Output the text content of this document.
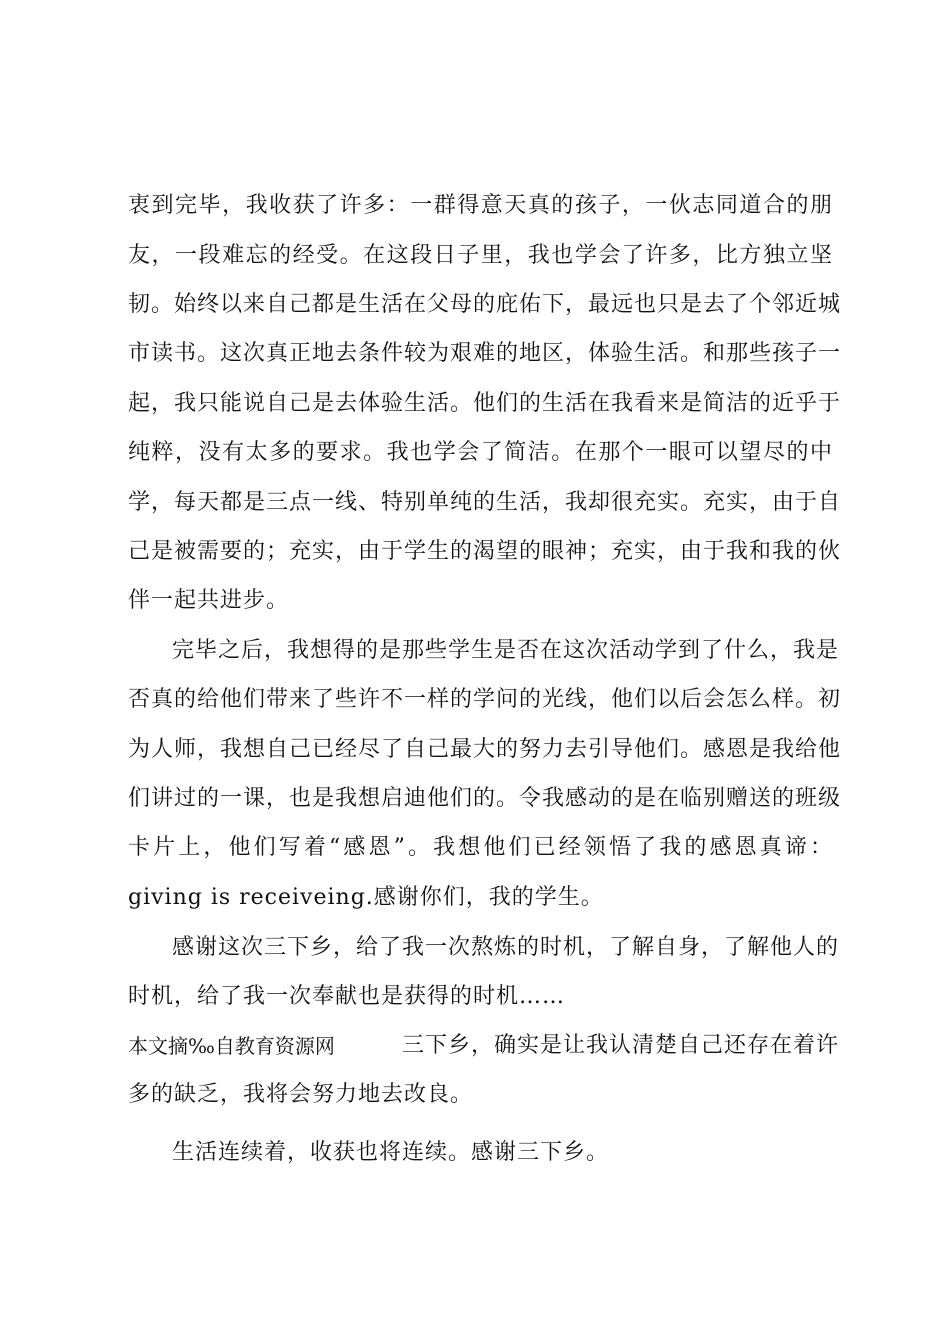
衷到完毕，我收获了许多：一群得意天真的孩子，一伙志同道合的朋
友，一段难忘的经受。在这段日子里，我也学会了许多，比方独立坚
韧。始终以来自己都是生活在父母的庇佑下，最远也只是去了个邻近城
市读书。这次真正地去条件较为艰难的地区，体验生活。和那些孩子一
起，我只能说自己是去体验生活。他们的生活在我看来是简洁的近乎于
纯粹，没有太多的要求。我也学会了简洁。在那个一眼可以望尽的中
学，每天都是三点一线、特别单纯的生活，我却很充实。充实，由于自
己是被需要的；充实，由于学生的渴望的眼神；充实，由于我和我的伙
伴一起共进步。
完毕之后，我想得的是那些学生是否在这次活动学到了什么，我是
否真的给他们带来了些许不一样的学问的光线，他们以后会怎么样。初
为人师，我想自己已经尽了自己最大的努力去引导他们。感恩是我给他
们讲过的一课，也是我想启迪他们的。令我感动的是在临别赠送的班级
卡片上，他们写着“感恩”。我想他们已经领悟了我的感恩真谛：
giving is receiveing.感谢你们，我的学生。
感谢这次三下乡，给了我一次熬炼的时机，了解自身，了解他人的
时机，给了我一次奉献也是获得的时机……
本文摘‰自教育资源网	三下乡，确实是让我认清楚自己还存在着许
多的缺乏，我将会努力地去改良。
生活连续着，收获也将连续。感谢三下乡。
